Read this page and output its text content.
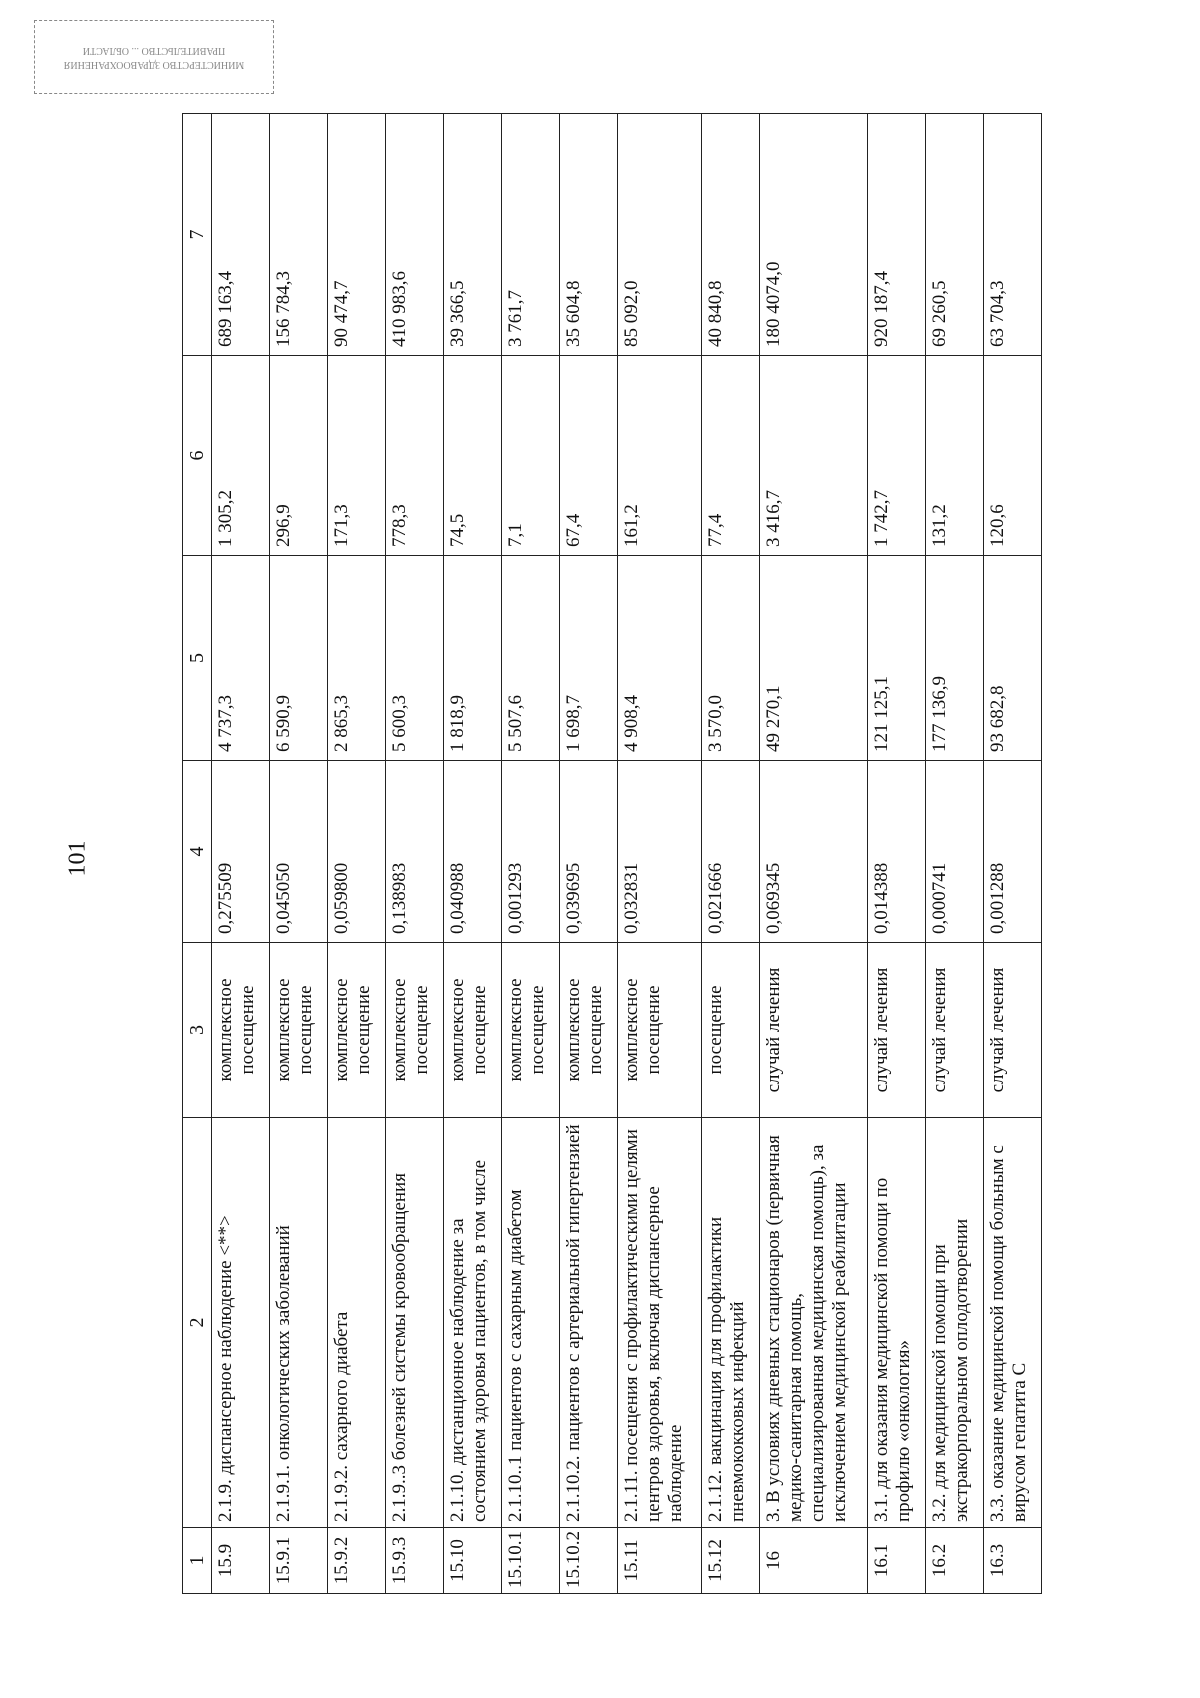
МИНИСТЕРСТВО ЗДРАВООХРАНЕНИЯ
ПРАВИТЕЛЬСТВО ... ОБЛАСТИ
101
1	2	3	4	5	6	7
15.9	2.1.9. диспансерное наблюдение <**>	комплексное посещение	0,275509	4 737,3	1 305,2	689 163,4
15.9.1	2.1.9.1. онкологических заболеваний	комплексное посещение	0,045050	6 590,9	296,9	156 784,3
15.9.2	2.1.9.2. сахарного диабета	комплексное посещение	0,059800	2 865,3	171,3	90 474,7
15.9.3	2.1.9..3 болезней системы кровообращения	комплексное посещение	0,138983	5 600,3	778,3	410 983,6
15.10	2.1.10. дистанционное наблюдение за состоянием здоровья пациентов, в том числе	комплексное посещение	0,040988	1 818,9	74,5	39 366,5
15.10.1	2.1.10..1 пациентов с сахарным диабетом	комплексное посещение	0,001293	5 507,6	7,1	3 761,7
15.10.2	2.1.10.2. пациентов с артериальной гипертензией	комплексное посещение	0,039695	1 698,7	67,4	35 604,8
15.11	2.1.11. посещения с профилактическими целями центров здоровья, включая диспансерное наблюдение	комплексное посещение	0,032831	4 908,4	161,2	85 092,0
15.12	2.1.12. вакцинация для профилактики пневмококковых инфекций	посещение	0,021666	3 570,0	77,4	40 840,8
16	3. В условиях дневных стационаров (первичная медико-санитарная помощь, специализированная медицинская помощь), за исключением медицинской реабилитации	случай лечения	0,069345	49 270,1	3 416,7	180 4074,0
16.1	3.1. для оказания медицинской помощи по профилю «онкология»	случай лечения	0,014388	121 125,1	1 742,7	920 187,4
16.2	3.2. для медицинской помощи при экстракорпоральном оплодотворении	случай лечения	0,000741	177 136,9	131,2	69 260,5
16.3	3.3. оказание медицинской помощи больным с вирусом гепатита С	случай лечения	0,001288	93 682,8	120,6	63 704,3
